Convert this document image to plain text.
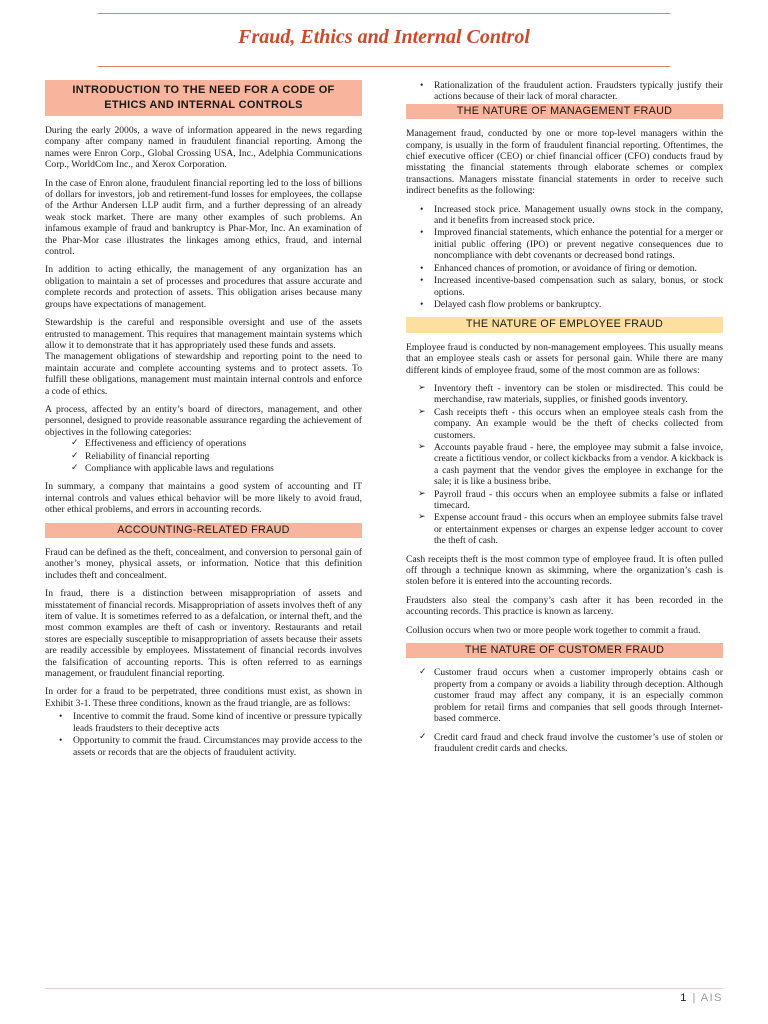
Fraud, Ethics and Internal Control
INTRODUCTION TO THE NEED FOR A CODE OF ETHICS AND INTERNAL CONTROLS

During the early 2000s, a wave of information appeared in the news regarding company after company named in fraudulent financial reporting. Among the names were Enron Corp., Global Crossing USA, Inc., Adelphia Communications Corp., WorldCom Inc., and Xerox Corporation.

In the case of Enron alone, fraudulent financial reporting led to the loss of billions of dollars for investors, job and retirement-fund losses for employees, the collapse of the Arthur Andersen LLP audit firm, and a further depressing of an already weak stock market. There are many other examples of such problems. An infamous example of fraud and bankruptcy is Phar-Mor, Inc. An examination of the Phar-Mor case illustrates the linkages among ethics, fraud, and internal control.

In addition to acting ethically, the management of any organization has an obligation to maintain a set of processes and procedures that assure accurate and complete records and protection of assets. This obligation arises because many groups have expectations of management.

Stewardship is the careful and responsible oversight and use of the assets entrusted to management. This requires that management maintain systems which allow it to demonstrate that it has appropriately used these funds and assets.

The management obligations of stewardship and reporting point to the need to maintain accurate and complete accounting systems and to protect assets. To fulfill these obligations, management must maintain internal controls and enforce a code of ethics.

A process, affected by an entity’s board of directors, management, and other personnel, designed to provide reasonable assurance regarding the achievement of objectives in the following categories:

✓ Effectiveness and efficiency of operations
✓ Reliability of financial reporting
✓ Compliance with applicable laws and regulations

In summary, a company that maintains a good system of accounting and IT internal controls and values ethical behavior will be more likely to avoid fraud, other ethical problems, and errors in accounting records.

ACCOUNTING-RELATED FRAUD

Fraud can be defined as the theft, concealment, and conversion to personal gain of another’s money, physical assets, or information. Notice that this definition includes theft and concealment.

In fraud, there is a distinction between misappropriation of assets and misstatement of financial records. Misappropriation of assets involves theft of any item of value. It is sometimes referred to as a defalcation, or internal theft, and the most common examples are theft of cash or inventory. Restaurants and retail stores are especially susceptible to misappropriation of assets because their assets are readily accessible by employees. Misstatement of financial records involves the falsification of accounting reports. This is often referred to as earnings management, or fraudulent financial reporting.

In order for a fraud to be perpetrated, three conditions must exist, as shown in Exhibit 3-1. These three conditions, known as the fraud triangle, are as follows:

• Incentive to commit the fraud. Some kind of incentive or pressure typically leads fraudsters to their deceptive acts
• Opportunity to commit the fraud. Circumstances may provide access to the assets or records that are the objects of fraudulent activity.
• Rationalization of the fraudulent action. Fraudsters typically justify their actions because of their lack of moral character.
THE NATURE OF MANAGEMENT FRAUD

Management fraud, conducted by one or more top-level managers within the company, is usually in the form of fraudulent financial reporting. Oftentimes, the chief executive officer (CEO) or chief financial officer (CFO) conducts fraud by misstating the financial statements through elaborate schemes or complex transactions. Managers misstate financial statements in order to receive such indirect benefits as the following:

• Increased stock price. Management usually owns stock in the company, and it benefits from increased stock price.
• Improved financial statements, which enhance the potential for a merger or initial public offering (IPO) or prevent negative consequences due to noncompliance with debt covenants or decreased bond ratings.
• Enhanced chances of promotion, or avoidance of firing or demotion.
• Increased incentive-based compensation such as salary, bonus, or stock options.
• Delayed cash flow problems or bankruptcy.
THE NATURE OF EMPLOYEE FRAUD

Employee fraud is conducted by non-management employees. This usually means that an employee steals cash or assets for personal gain. While there are many different kinds of employee fraud, some of the most common are as follows:

➢ Inventory theft - inventory can be stolen or misdirected. This could be merchandise, raw materials, supplies, or finished goods inventory.
➢ Cash receipts theft - this occurs when an employee steals cash from the company. An example would be the theft of checks collected from customers.
➢ Accounts payable fraud - here, the employee may submit a false invoice, create a fictitious vendor, or collect kickbacks from a vendor. A kickback is a cash payment that the vendor gives the employee in exchange for the sale; it is like a business bribe.
➢ Payroll fraud - this occurs when an employee submits a false or inflated timecard.
➢ Expense account fraud - this occurs when an employee submits false travel or entertainment expenses or charges an expense ledger account to cover the theft of cash.

Cash receipts theft is the most common type of employee fraud. It is often pulled off through a technique known as skimming, where the organization’s cash is stolen before it is entered into the accounting records.

Fraudsters also steal the company’s cash after it has been recorded in the accounting records. This practice is known as larceny.

Collusion occurs when two or more people work together to commit a fraud.

THE NATURE OF CUSTOMER FRAUD
✓ Customer fraud occurs when a customer improperly obtains cash or property from a company or avoids a liability through deception. Although customer fraud may affect any company, it is an especially common problem for retail firms and companies that sell goods through Internet-based commerce.
✓ Credit card fraud and check fraud involve the customer’s use of stolen or fraudulent credit cards and checks.
1 | AIS
